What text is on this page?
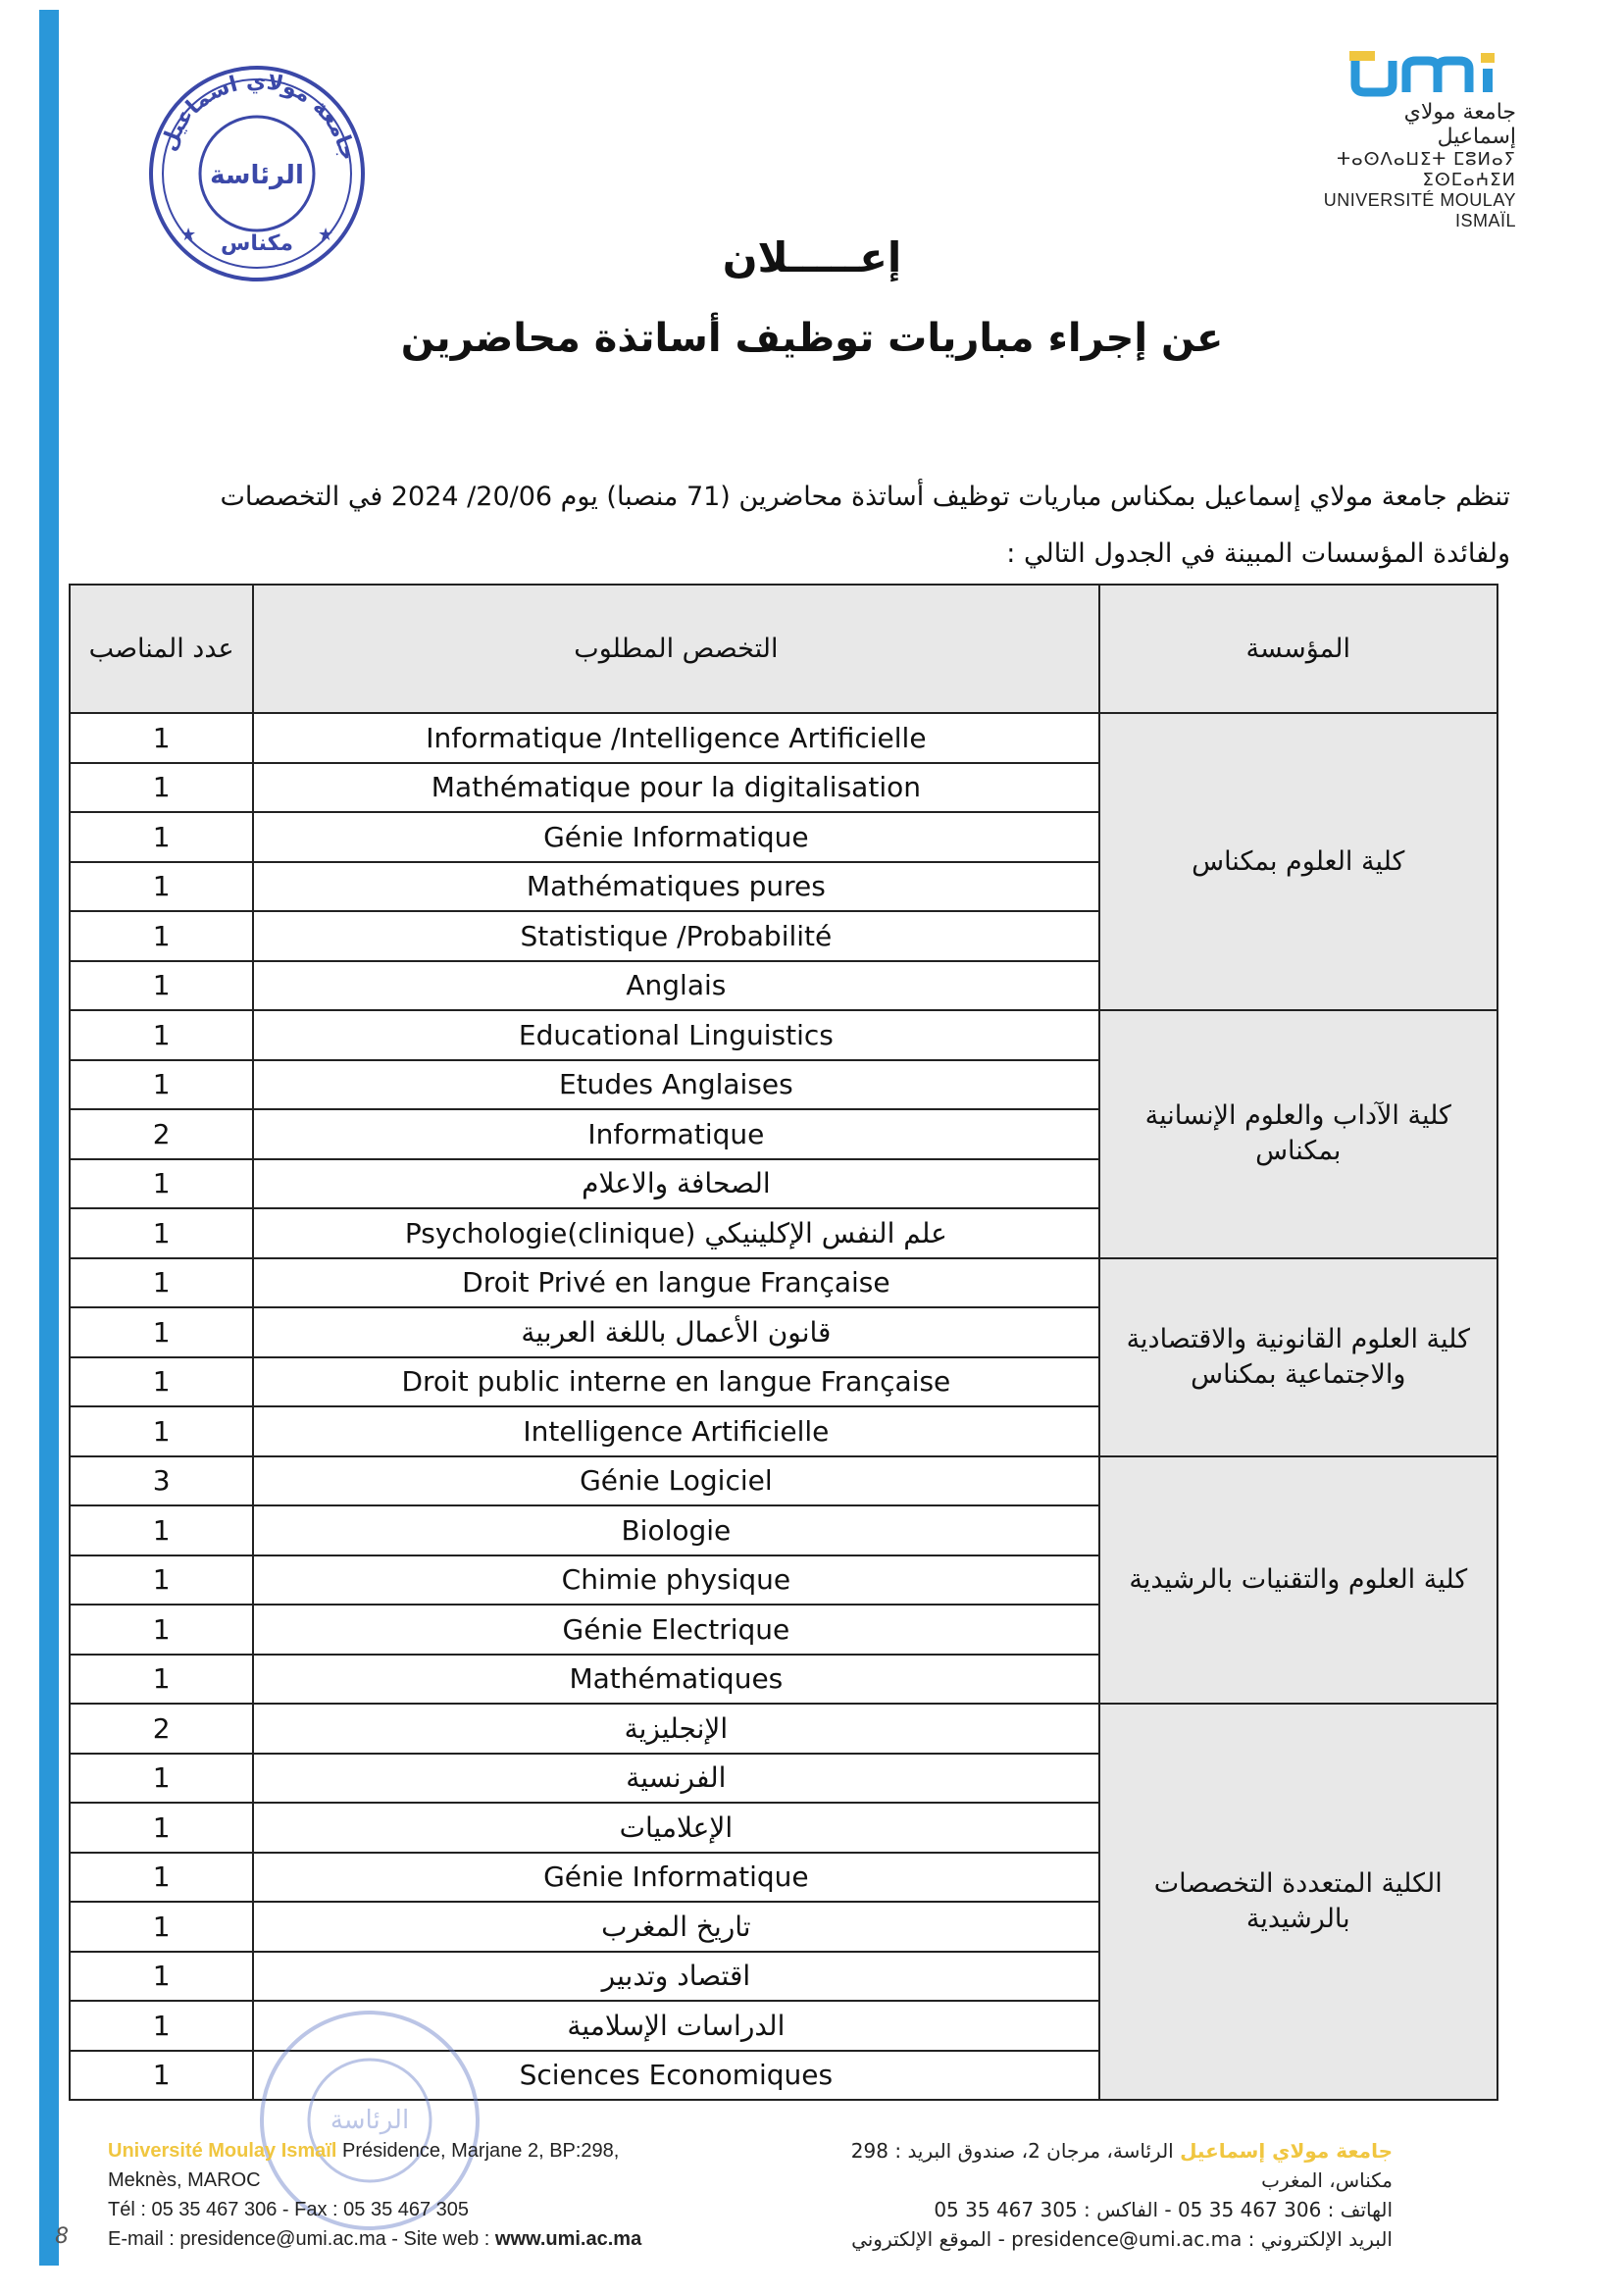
جامعة مولاي اسماعيل
الرئاسة
مكناس
★	★
جامعة مولاي إسماعيل
ⵜⴰⵙⴷⴰⵡⵉⵜ ⵎⵓⵍⴰⵢ ⵉⵙⵎⴰⵄⵉⵍ
UNIVERSITÉ MOULAY ISMAÏL
إعـــــلان
عن إجراء مباريات توظيف أساتذة محاضرين
تنظم جامعة مولاي إسماعيل بمكناس مباريات توظيف أساتذة محاضرين (71 منصبا) يوم 20/06/ 2024 في التخصصات ولفائدة المؤسسات المبينة في الجدول التالي :
عدد المناصب	التخصص المطلوب	المؤسسة
1	Informatique /Intelligence Artificielle	كلية العلوم بمكناس
1	Mathématique pour la digitalisation	
1	Génie Informatique	
1	Mathématiques pures	
1	Statistique /Probabilité	
1	Anglais	
1	Educational Linguistics	كلية الآداب والعلوم الإنسانية بمكناس
1	Etudes Anglaises	
2	Informatique	
1	الصحافة والاعلام	
1	Psychologie(clinique) علم النفس الإكلينيكي	
1	Droit Privé en langue Française	كلية العلوم القانونية والاقتصادية والاجتماعية بمكناس
1	قانون الأعمال باللغة العربية	
1	Droit public interne en langue Française	
1	Intelligence Artificielle	
3	Génie Logiciel	كلية العلوم والتقنيات بالرشيدية
1	Biologie	
1	Chimie physique	
1	Génie Electrique	
1	Mathématiques	
2	الإنجليزية	الكلية المتعددة التخصصات بالرشيدية
1	الفرنسية	
1	الإعلاميات	
1	Génie Informatique	
1	تاريخ المغرب	
1	اقتصاد وتدبير	
1	الدراسات الإسلامية	
1	Sciences Economiques	
الرئاسة
Université Moulay Ismaïl Présidence, Marjane 2, BP:298,
Meknès, MAROC
Tél : 05 35 467 306 - Fax : 05 35 467 305
E-mail : presidence@umi.ac.ma - Site web : www.umi.ac.ma
جامعة مولاي إسماعيل الرئاسة، مرجان 2، صندوق البريد : 298
مكناس، المغرب
الهاتف : 306 467 35 05 - الفاكس : 305 467 35 05
البريد الإلكتروني : presidence@umi.ac.ma - الموقع الإلكتروني
8
